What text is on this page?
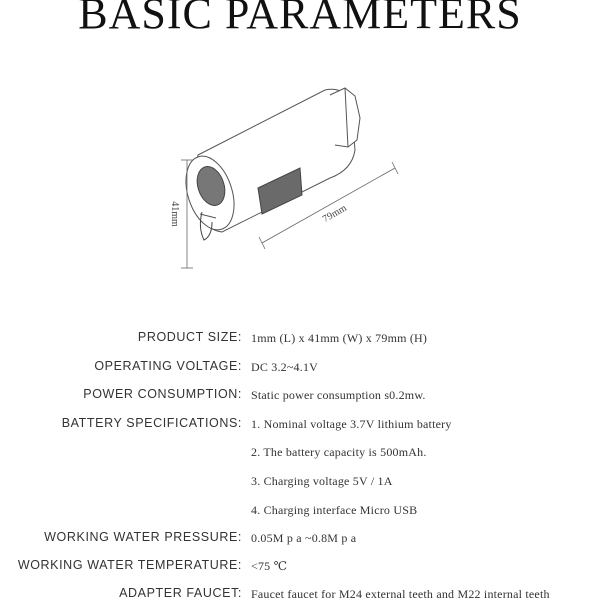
BASIC PARAMETERS
41mm	79mm
PRODUCT SIZE: 1mm (L) x 41mm (W) x 79mm (H)
OPERATING VOLTAGE: DC 3.2~4.1V
POWER CONSUMPTION: Static power consumption s0.2mw.
BATTERY SPECIFICATIONS: 1. Nominal voltage 3.7V lithium battery
2. The battery capacity is 500mAh.
3. Charging voltage 5V / 1A
4. Charging interface Micro USB
WORKING WATER PRESSURE: 0.05M p a ~0.8M p a
WORKING WATER TEMPERATURE: <75 ℃
ADAPTER FAUCET: Faucet faucet for M24 external teeth and M22 internal teeth
